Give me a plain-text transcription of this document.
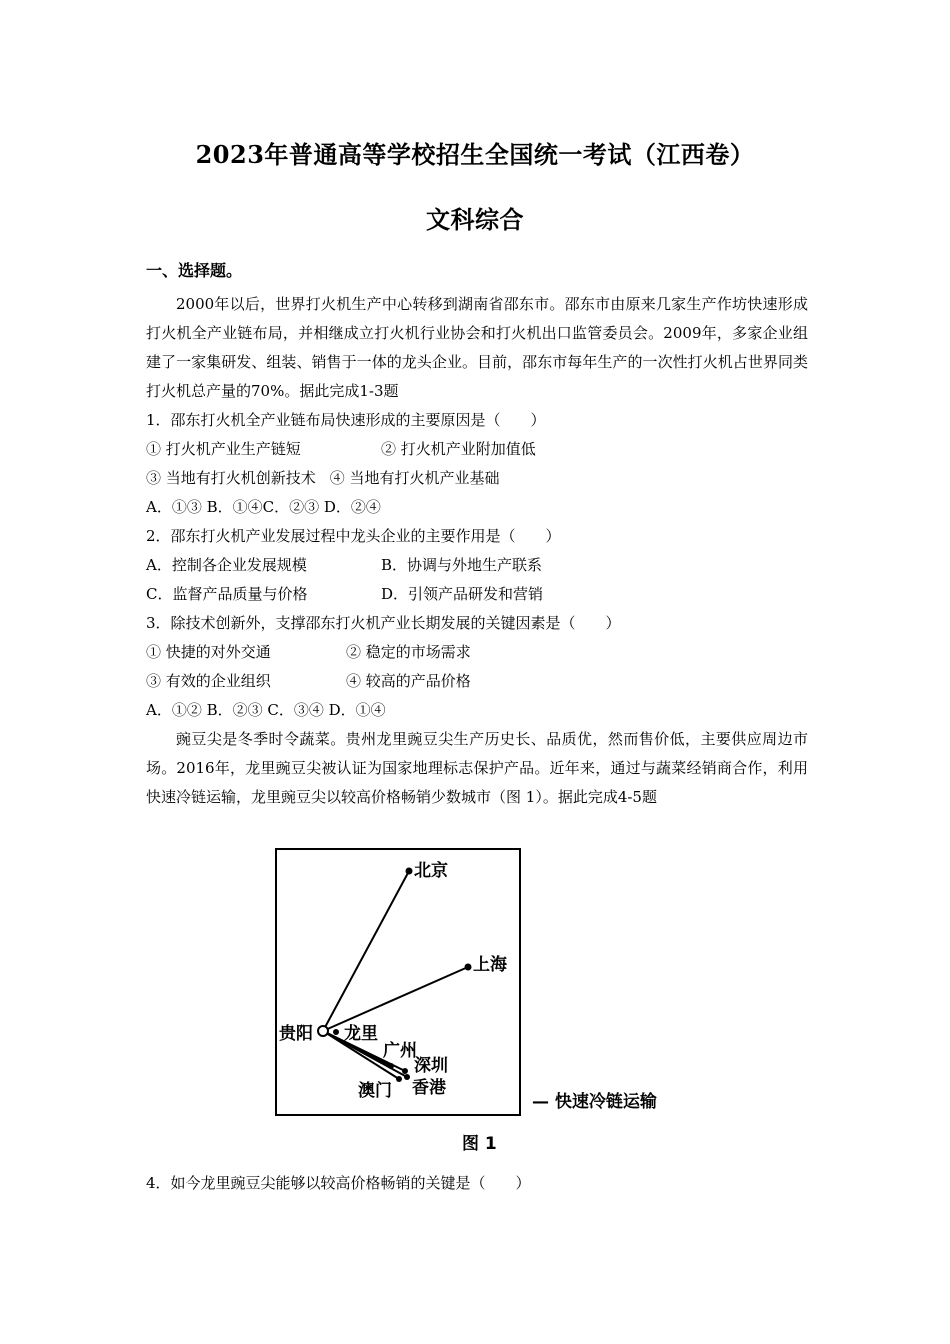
2023年普通高等学校招生全国统一考试（江西卷）
文科综合
一、选择题。

2000年以后，世界打火机生产中心转移到湖南省邵东市。邵东市由原来几家生产作坊快速形成打火机全产业链布局，并相继成立打火机行业协会和打火机出口监管委员会。2009年，多家企业组建了一家集研发、组装、销售于一体的龙头企业。目前，邵东市每年生产的一次性打火机占世界同类打火机总产量的70%。据此完成1-3题

1．邵东打火机全产业链布局快速形成的主要原因是（　　）

① 打火机产业生产链短	② 打火机产业附加值低
③ 当地有打火机创新技术 ④ 当地有打火机产业基础

A．①③ B．①④C．②③ D．②④

2．邵东打火机产业发展过程中龙头企业的主要作用是（　　）

A．控制各企业发展规模	B．协调与外地生产联系
C．监督产品质量与价格	D．引领产品研发和营销

3．除技术创新外，支撑邵东打火机产业长期发展的关键因素是（　　）

① 快捷的对外交通	② 稳定的市场需求
③ 有效的企业组织	④ 较高的产品价格

A．①② B．②③ C．③④ D．①④

豌豆尖是冬季时令蔬菜。贵州龙里豌豆尖生产历史长、品质优，然而售价低，主要供应周边市场。2016年，龙里豌豆尖被认证为国家地理标志保护产品。近年来，通过与蔬菜经销商合作，利用快速冷链运输，龙里豌豆尖以较高价格畅销少数城市（图 1）。据此完成4-5题

北京
上海
贵阳 龙里
广州
深圳
香港
澳门
— 快速冷链运输
图 1
4．如今龙里豌豆尖能够以较高价格畅销的关键是（　　）
